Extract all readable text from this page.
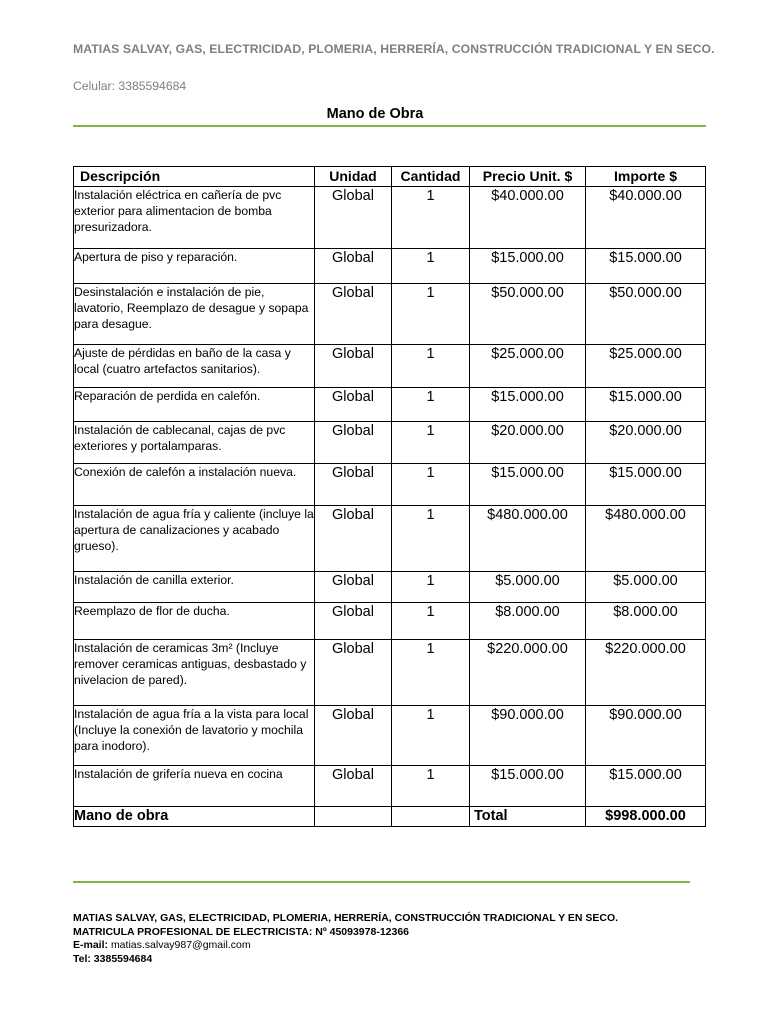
MATIAS SALVAY, GAS, ELECTRICIDAD, PLOMERIA, HERRERÍA, CONSTRUCCIÓN TRADICIONAL Y EN SECO.
Celular: 3385594684
Mano de Obra
Descripción	Unidad	Cantidad	Precio Unit. $	Importe $
Instalación eléctrica en cañería de pvc exterior para alimentacion de bomba presurizadora.	Global	1	$40.000.00	$40.000.00
Apertura de piso y reparación.	Global	1	$15.000.00	$15.000.00
Desinstalación e instalación de pie, lavatorio, Reemplazo de desague y sopapa para desague.	Global	1	$50.000.00	$50.000.00
Ajuste de pérdidas en baño de la casa y local (cuatro artefactos sanitarios).	Global	1	$25.000.00	$25.000.00
Reparación de perdida en calefón.	Global	1	$15.000.00	$15.000.00
Instalación de cablecanal, cajas de pvc exteriores y portalamparas.	Global	1	$20.000.00	$20.000.00
Conexión de calefón a instalación nueva.	Global	1	$15.000.00	$15.000.00
Instalación de agua fría y caliente (incluye la apertura de canalizaciones y acabado grueso).	Global	1	$480.000.00	$480.000.00
Instalación de canilla exterior.	Global	1	$5.000.00	$5.000.00
Reemplazo de flor de ducha.	Global	1	$8.000.00	$8.000.00
Instalación de ceramicas 3m² (Incluye remover ceramicas antiguas, desbastado y nivelacion de pared).	Global	1	$220.000.00	$220.000.00
Instalación de agua fría a la vista para local (Incluye la conexión de lavatorio y mochila para inodoro).	Global	1	$90.000.00	$90.000.00
Instalación de grifería nueva en cocina	Global	1	$15.000.00	$15.000.00
Mano de obra			Total	$998.000.00
MATIAS SALVAY, GAS, ELECTRICIDAD, PLOMERIA, HERRERÍA, CONSTRUCCIÓN TRADICIONAL Y EN SECO.
MATRICULA PROFESIONAL DE ELECTRICISTA: Nº 45093978-12366
E-mail: matias.salvay987@gmail.com
Tel: 3385594684
